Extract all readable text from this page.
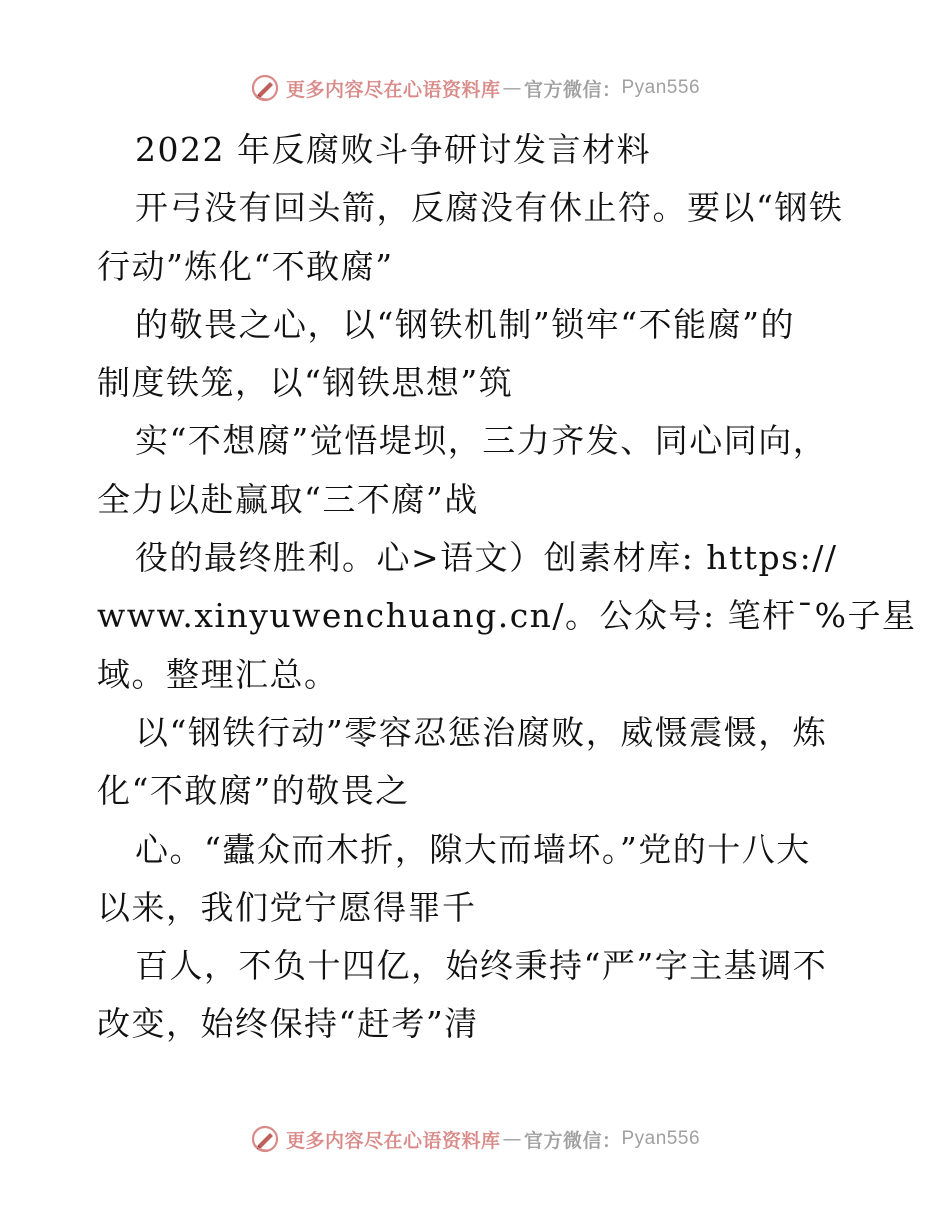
更多内容尽在心语资料库 — 官方微信： Pyan556
2022 年反腐败斗争研讨发言材料
开弓没有回头箭，反腐没有休止符。要以“钢铁
行动”炼化“不敢腐”
的敬畏之心，以“钢铁机制”锁牢“不能腐”的
制度铁笼，以“钢铁思想”筑
实“不想腐”觉悟堤坝，三力齐发、同心同向，
全力以赴赢取“三不腐”战
役的最终胜利。心>语文）创素材库: https://
www.xinyuwenchuang.cn/。公众号: 笔杆¯%子星
域。整理汇总。
以“钢铁行动”零容忍惩治腐败，威慑震慑，炼
化“不敢腐”的敬畏之
心。“蠹众而木折，隙大而墙坏。”党的十八大
以来，我们党宁愿得罪千
百人，不负十四亿，始终秉持“严”字主基调不
改变，始终保持“赶考”清
更多内容尽在心语资料库 — 官方微信： Pyan556
